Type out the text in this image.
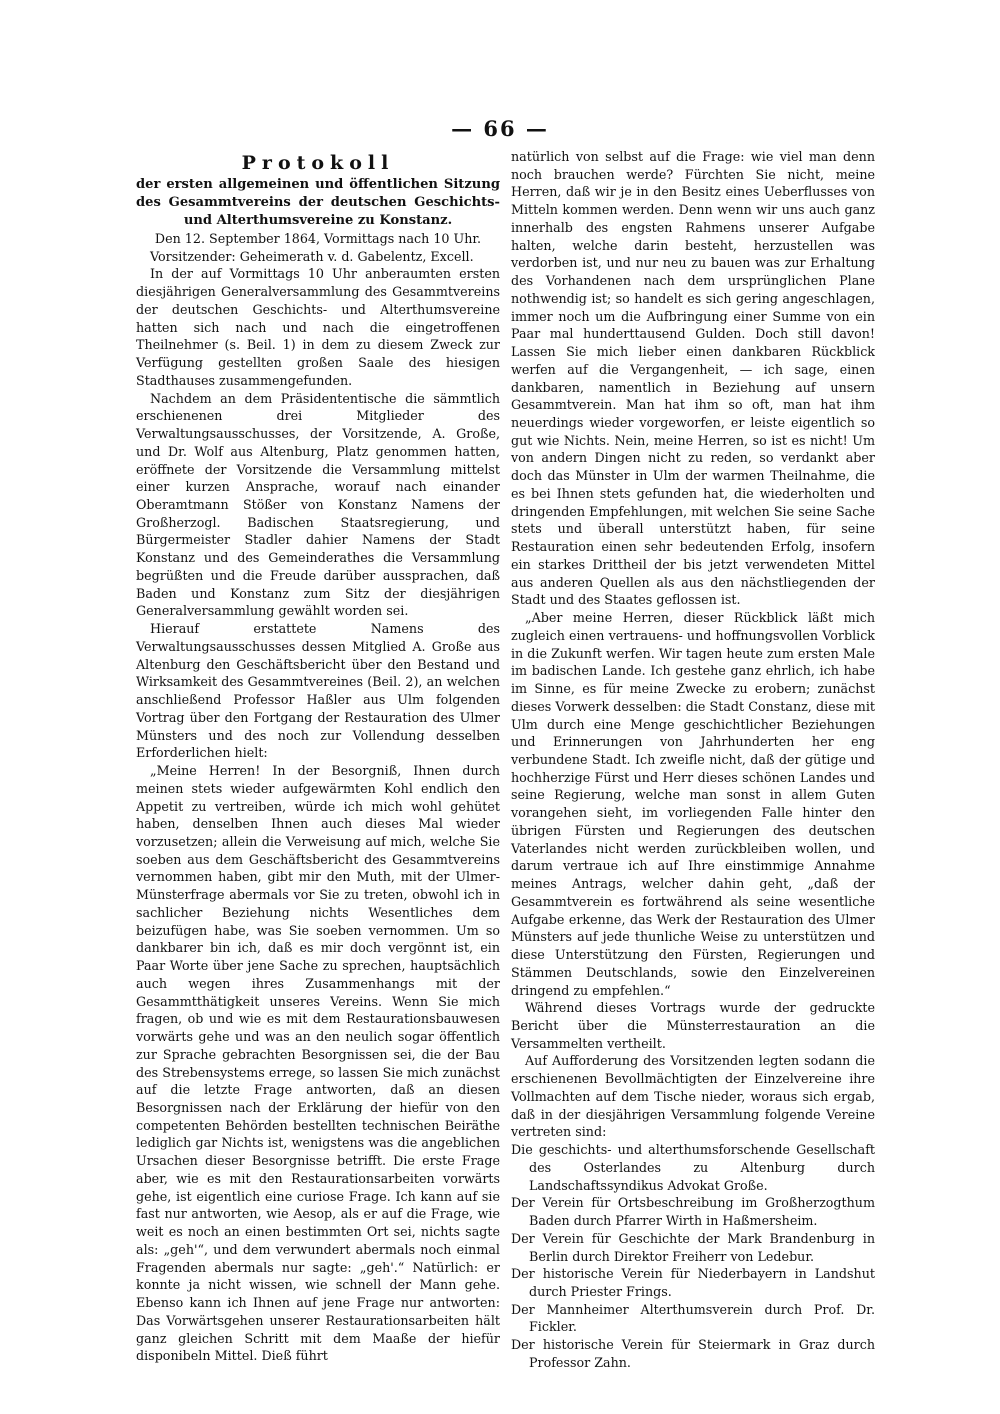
— 66 —
Protokoll

der ersten allgemeinen und öffentlichen Sitzung des Gesammtvereins der deutschen Geschichts- und Alterthumsvereine zu Konstanz.

Den 12. September 1864, Vormittags nach 10 Uhr.

Vorsitzender: Geheimerath v. d. Gabelentz, Excell.

In der auf Vormittags 10 Uhr anberaumten ersten diesjährigen Generalversammlung des Gesammtvereins der deutschen Geschichts- und Alterthumsvereine hatten sich nach und nach die eingetroffenen Theilnehmer (s. Beil. 1) in dem zu diesem Zweck zur Verfügung gestellten großen Saale des hiesigen Stadthauses zusammengefunden.

Nachdem an dem Präsidententische die sämmtlich erschienenen drei Mitglieder des Verwaltungsausschusses, der Vorsitzende, A. Große, und Dr. Wolf aus Altenburg, Platz genommen hatten, eröffnete der Vorsitzende die Versammlung mittelst einer kurzen Ansprache, worauf nach einander Oberamtmann Stößer von Konstanz Namens der Großherzogl. Badischen Staatsregierung, und Bürgermeister Stadler dahier Namens der Stadt Konstanz und des Gemeinderathes die Versammlung begrüßten und die Freude darüber aussprachen, daß Baden und Konstanz zum Sitz der diesjährigen Generalversammlung gewählt worden sei.

Hierauf erstattete Namens des Verwaltungsausschusses dessen Mitglied A. Große aus Altenburg den Geschäftsbericht über den Bestand und Wirksamkeit des Gesammtvereines (Beil. 2), an welchen anschließend Professor Haßler aus Ulm folgenden Vortrag über den Fortgang der Restauration des Ulmer Münsters und des noch zur Vollendung desselben Erforderlichen hielt:

„Meine Herren! In der Besorgniß, Ihnen durch meinen stets wieder aufgewärmten Kohl endlich den Appetit zu vertreiben, würde ich mich wohl gehütet haben, denselben Ihnen auch dieses Mal wieder vorzusetzen; allein die Verweisung auf mich, welche Sie soeben aus dem Geschäftsbericht des Gesammtvereins vernommen haben, gibt mir den Muth, mit der Ulmer-Münsterfrage abermals vor Sie zu treten, obwohl ich in sachlicher Beziehung nichts Wesentliches dem beizufügen habe, was Sie soeben vernommen. Um so dankbarer bin ich, daß es mir doch vergönnt ist, ein Paar Worte über jene Sache zu sprechen, hauptsächlich auch wegen ihres Zusammenhangs mit der Gesammtthätigkeit unseres Vereins. Wenn Sie mich fragen, ob und wie es mit dem Restaurationsbauwesen vorwärts gehe und was an den neulich sogar öffentlich zur Sprache gebrachten Besorgnissen sei, die der Bau des Strebensystems errege, so lassen Sie mich zunächst auf die letzte Frage antworten, daß an diesen Besorgnissen nach der Erklärung der hiefür von den competenten Behörden bestellten technischen Beiräthe lediglich gar Nichts ist, wenigstens was die angeblichen Ursachen dieser Besorgnisse betrifft. Die erste Frage aber, wie es mit den Restaurationsarbeiten vorwärts gehe, ist eigentlich eine curiose Frage. Ich kann auf sie fast nur antworten, wie Aesop, als er auf die Frage, wie weit es noch an einen bestimmten Ort sei, nichts sagte als: „geh'“, und dem verwundert abermals noch einmal Fragenden abermals nur sagte: „geh'.“ Natürlich: er konnte ja nicht wissen, wie schnell der Mann gehe. Ebenso kann ich Ihnen auf jene Frage nur antworten: Das Vorwärtsgehen unserer Restaurationsarbeiten hält ganz gleichen Schritt mit dem Maaße der hiefür disponibeln Mittel. Dieß führt

natürlich von selbst auf die Frage: wie viel man denn noch brauchen werde? Fürchten Sie nicht, meine Herren, daß wir je in den Besitz eines Ueberflusses von Mitteln kommen werden. Denn wenn wir uns auch ganz innerhalb des engsten Rahmens unserer Aufgabe halten, welche darin besteht, herzustellen was verdorben ist, und nur neu zu bauen was zur Erhaltung des Vorhandenen nach dem ursprünglichen Plane nothwendig ist; so handelt es sich gering angeschlagen, immer noch um die Aufbringung einer Summe von ein Paar mal hunderttausend Gulden. Doch still davon! Lassen Sie mich lieber einen dankbaren Rückblick werfen auf die Vergangenheit, — ich sage, einen dankbaren, namentlich in Beziehung auf unsern Gesammtverein. Man hat ihm so oft, man hat ihm neuerdings wieder vorgeworfen, er leiste eigentlich so gut wie Nichts. Nein, meine Herren, so ist es nicht! Um von andern Dingen nicht zu reden, so verdankt aber doch das Münster in Ulm der warmen Theilnahme, die es bei Ihnen stets gefunden hat, die wiederholten und dringenden Empfehlungen, mit welchen Sie seine Sache stets und überall unterstützt haben, für seine Restauration einen sehr bedeutenden Erfolg, insofern ein starkes Drittheil der bis jetzt verwendeten Mittel aus anderen Quellen als aus den nächstliegenden der Stadt und des Staates geflossen ist.

„Aber meine Herren, dieser Rückblick läßt mich zugleich einen vertrauens- und hoffnungsvollen Vorblick in die Zukunft werfen. Wir tagen heute zum ersten Male im badischen Lande. Ich gestehe ganz ehrlich, ich habe im Sinne, es für meine Zwecke zu erobern; zunächst dieses Vorwerk desselben: die Stadt Constanz, diese mit Ulm durch eine Menge geschichtlicher Beziehungen und Erinnerungen von Jahrhunderten her eng verbundene Stadt. Ich zweifle nicht, daß der gütige und hochherzige Fürst und Herr dieses schönen Landes und seine Regierung, welche man sonst in allem Guten vorangehen sieht, im vorliegenden Falle hinter den übrigen Fürsten und Regierungen des deutschen Vaterlandes nicht werden zurückbleiben wollen, und darum vertraue ich auf Ihre einstimmige Annahme meines Antrags, welcher dahin geht, „daß der Gesammtverein es fortwährend als seine wesentliche Aufgabe erkenne, das Werk der Restauration des Ulmer Münsters auf jede thunliche Weise zu unterstützen und diese Unterstützung den Fürsten, Regierungen und Stämmen Deutschlands, sowie den Einzelvereinen dringend zu empfehlen.“

Während dieses Vortrags wurde der gedruckte Bericht über die Münsterrestauration an die Versammelten vertheilt.

Auf Aufforderung des Vorsitzenden legten sodann die erschienenen Bevollmächtigten der Einzelvereine ihre Vollmachten auf dem Tische nieder, woraus sich ergab, daß in der diesjährigen Versammlung folgende Vereine vertreten sind:

Die geschichts- und alterthumsforschende Gesellschaft des Osterlandes zu Altenburg durch Landschaftssyndikus Advokat Große.
Der Verein für Ortsbeschreibung im Großherzogthum Baden durch Pfarrer Wirth in Haßmersheim.
Der Verein für Geschichte der Mark Brandenburg in Berlin durch Direktor Freiherr von Ledebur.
Der historische Verein für Niederbayern in Landshut durch Priester Frings.
Der Mannheimer Alterthumsverein durch Prof. Dr. Fickler.
Der historische Verein für Steiermark in Graz durch Professor Zahn.
